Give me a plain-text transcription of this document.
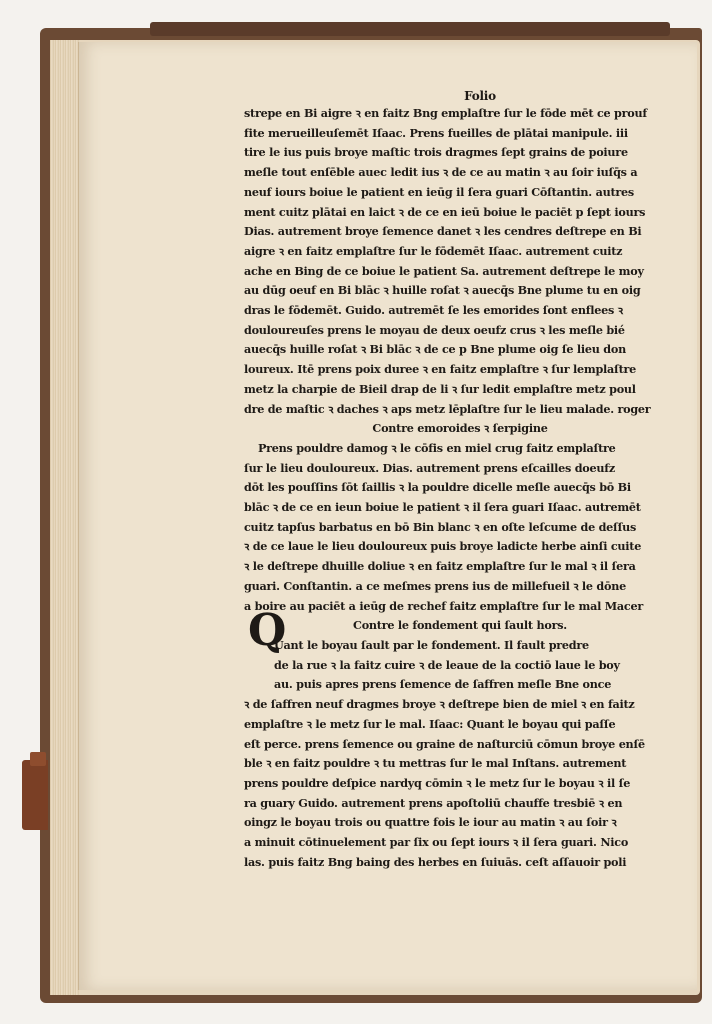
Folio
strepe en Bi aigre ꝛ en faitz Bng emplaſtre ſur le fōde mēt ce prouf
fite merueilleuſemēt Iſaac. Prens fueilles de plātai manipule. iii
tire le ius puis broye maſtic trois dragmes ſept grains de poiure
meſle tout enſēble auec ledit ius ꝛ de ce au matin ꝛ au ſoir iuſq̄s a
neuf iours boiue le patient en ieūg il ſera guari Cōſtantin. autres
ment cuitz plātai en laict ꝛ de ce en ieū boiue le paciēt p ſept iours
Dias. autrement broye ſemence danet ꝛ les cendres deſtrepe en Bi
aigre ꝛ en faitz emplaſtre ſur le fōdemēt Iſaac. autrement cuitz
ache en Bing de ce boiue le patient Sa. autrement deſtrepe le moy
au dūg oeuf en Bi blāc ꝛ huille roſat ꝛ auecq̄s Bne plume tu en oig
dras le fōdemēt. Guido. autremēt ſe les emorides ſont enflees ꝛ
douloureuſes prens le moyau de deux oeufz crus ꝛ les meſle bié
auecq̄s huille roſat ꝛ Bi blāc ꝛ de ce p Bne plume oig ſe lieu don
loureux. Itē prens poix duree ꝛ en faitz emplaſtre ꝛ ſur lemplaſtre
metz la charpie de Bieil drap de li ꝛ ſur ledit emplaſtre metz poul
dre de maſtic ꝛ daches ꝛ aps metz lēplaſtre ſur le lieu malade. roger
Contre emoroides ꝛ ſerpigine
Prens pouldre damog ꝛ le cōfis en miel crug faitz emplaſtre
ſur le lieu douloureux. Dias. autrement prens eſcailles doeufz
dōt les pouſſins ſōt ſaillis ꝛ la pouldre dicelle meſle auecq̄s bō Bi
blāc ꝛ de ce en ieun boiue le patient ꝛ il ſera guari Iſaac. autremēt
cuitz tapſus barbatus en bō Bin blanc ꝛ en oſte leſcume de deſſus
ꝛ de ce laue le lieu douloureux puis broye ladicte herbe ainſi cuite
ꝛ le deſtrepe dhuille doliue ꝛ en faitz emplaſtre ſur le mal ꝛ il ſera
guari. Conſtantin. a ce meſmes prens ius de millefueil ꝛ le dōne
a boire au paciēt a ieūg de rechef faitz emplaſtre ſur le mal Macer
Contre le fondement qui ſault hors.
Uant le boyau ſault par le fondement. Il fault predre
de la rue ꝛ la faitz cuire ꝛ de leaue de la coctiō laue le boy
au. puis apres prens ſemence de ſaffren meſle Bne once
ꝛ de ſaffren neuf dragmes broye ꝛ deſtrepe bien de miel ꝛ en faitz
emplaſtre ꝛ le metz ſur le mal. Iſaac: Quant le boyau qui paſſe
eſt perce. prens ſemence ou graine de naſturciū cōmun broye enſē
ble ꝛ en faitz pouldre ꝛ tu mettras ſur le mal Inſtans. autrement
prens pouldre deſpice nardyq cōmin ꝛ le metz ſur le boyau ꝛ il ſe
ra guary Guido. autrement prens apoſtoliū chauffe tresbiē ꝛ en
oingz le boyau trois ou quattre fois le iour au matin ꝛ au ſoir ꝛ
a minuit cōtinuelement par ſix ou ſept iours ꝛ il ſera guari. Nico
las. puis faitz Bng baing des herbes en ſuiuās. ceſt aſſauoir poli
Q
